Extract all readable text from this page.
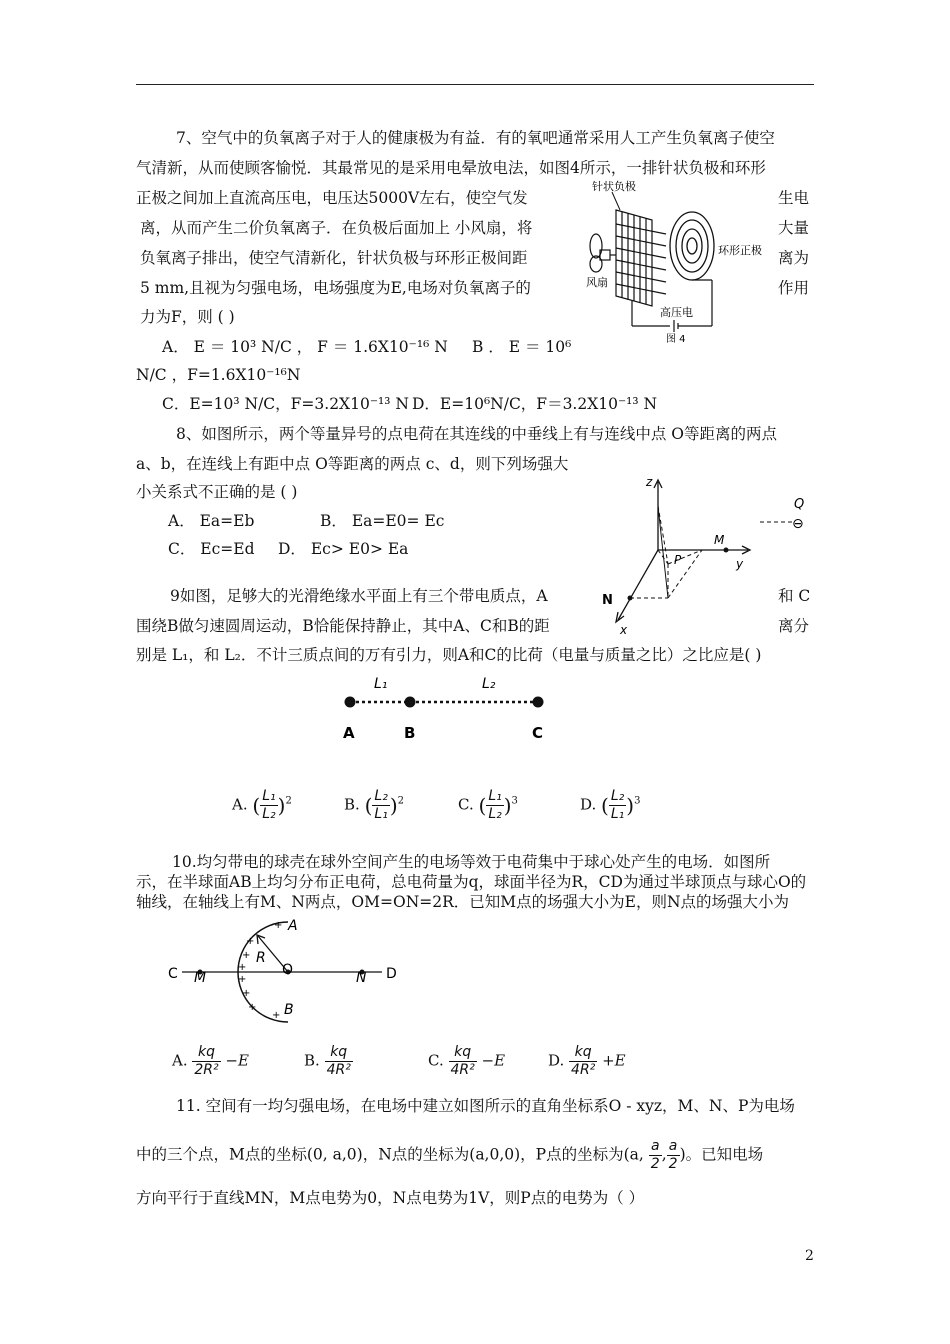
7、空气中的负氧离子对于人的健康极为有益．有的氧吧通常采用人工产生负氧离子使空
气清新，从而使顾客愉悦．其最常见的是采用电晕放电法，如图4所示，一排针状负极和环形
正极之间加上直流高压电，电压达5000V左右，使空气发	生电
离，从而产生二价负氧离子．在负极后面加上 小风扇，将	大量
负氧离子排出，使空气清新化，针状负极与环形正极间距	离为
5 mm,且视为匀强电场，电场强度为E,电场对负氧离子的	作用
力为F，则 ( )
A． E ＝ 10³ N/C ， F ＝ 1.6X10⁻¹⁶ N B ． E ＝ 10⁶
N/C ，F=1.6X10⁻¹⁶N
C．E=10³ N/C，F=3.2X10⁻¹³ N D．E=10⁶N/C，F＝3.2X10⁻¹³ N
针状负极
风扇
环形正极
高压电
图 4
8、如图所示，两个等量异号的点电荷在其连线的中垂线上有与连线中点 O等距离的两点
a、b，在连线上有距中点 O等距离的两点 c、d，则下列场强大
小关系式不正确的是 ( )
A． Ea=Eb	B． Ea=E0= Ec
C． Ec=Ed D． Ec> E0> Ea
z
y
x
M
N
P
Q
⊖
9如图，足够大的光滑绝缘水平面上有三个带电质点，A	和 C
围绕B做匀速圆周运动，B恰能保持静止，其中A、C和B的距	离分
别是 L₁，和 L₂．不计三质点间的万有引力，则A和C的比荷（电量与质量之比）之比应是( )
L₁	L₂
A	B	C
A. ( $\frac{\text{L₁}}{\text{L₂}} )^2$	B. ( $\frac{\text{L₂}}{\text{L₁}} )^2$	C. ( $\frac{\text{L₁}}{\text{L₂}} )^3$	D. ( $\frac{\text{L₂}}{\text{L₁}} )^3$
10.均匀带电的球壳在球外空间产生的电场等效于电荷集中于球心处产生的电场．如图所
示，在半球面AB上均匀分布正电荷，总电荷量为q，球面半径为R，CD为通过半球顶点与球心O的
轴线，在轴线上有M、N两点，OM=ON=2R．已知M点的场强大小为E，则N点的场强大小为
A
B
C	D
M	N
O
R
+
+
+
+
+
+
+
+
A. $\frac{kq}{\text{2R²}} -E$	B. $\frac{kq}{\text{4R²}}$	C. $\frac{kq}{\text{4R²}} -E$	D. $\frac{kq}{\text{4R²}} +E$
11. 空间有一均匀强电场，在电场中建立如图所示的直角坐标系O - xyz，M、N、P为电场
中的三个点，M点的坐标(0, a,0)，N点的坐标为(a,0,0)，P点的坐标为(a, $\frac{a}{2}$ , $\frac{a}{2}$ )。已知电场
方向平行于直线MN，M点电势为0，N点电势为1V，则P点的电势为（ ）
2
